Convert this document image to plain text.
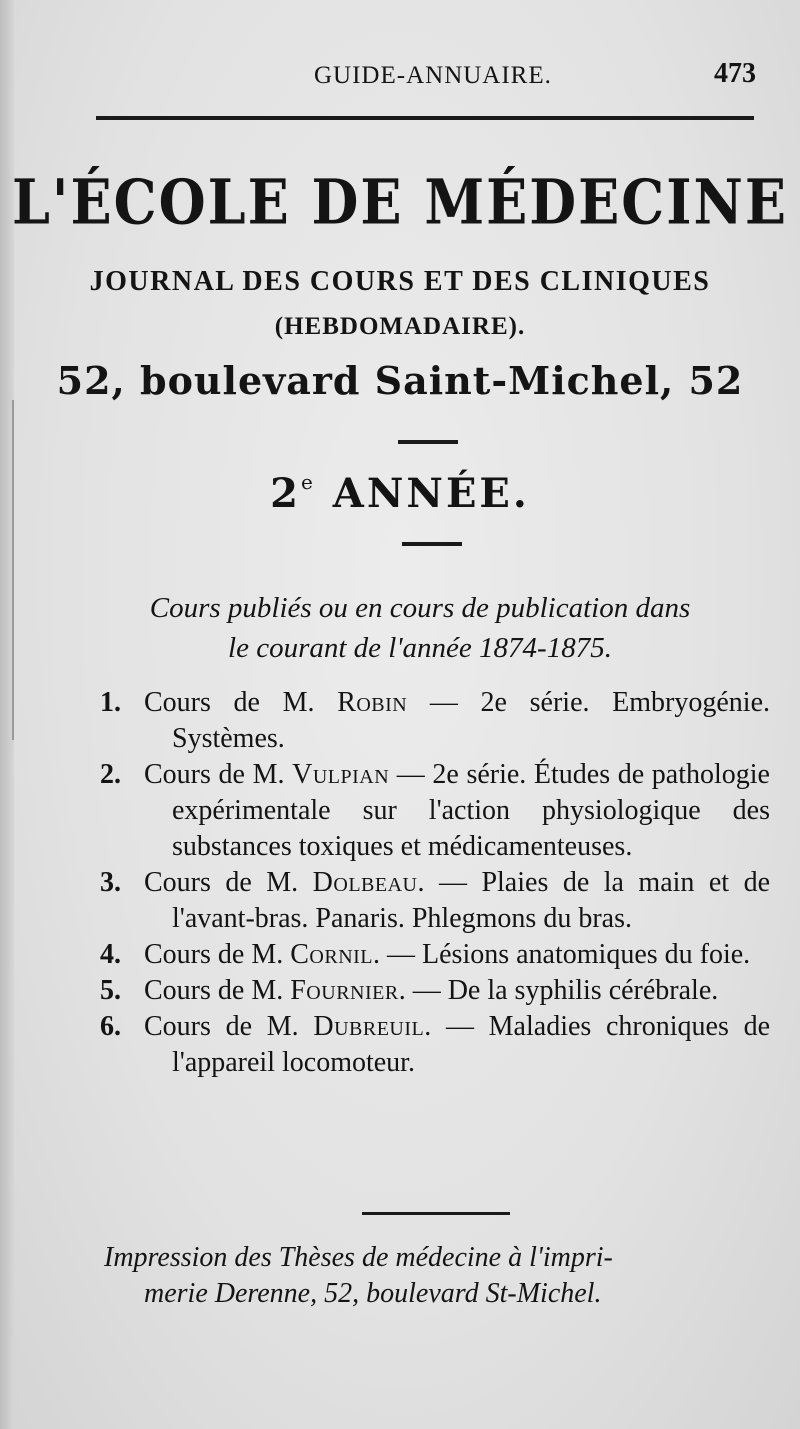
GUIDE-ANNUAIRE.	473
L'ÉCOLE DE MÉDECINE
JOURNAL DES COURS ET DES CLINIQUES
(HEBDOMADAIRE).
52, boulevard Saint-Michel, 52
2e ANNÉE.
Cours publiés ou en cours de publication dans
le courant de l'année 1874-1875.
1. Cours de M. Robin — 2e série. Embryogénie. Systèmes.
2. Cours de M. Vulpian — 2e série. Études de pathologie expérimentale sur l'action physiologique des substances toxiques et médicamenteuses.
3. Cours de M. Dolbeau. — Plaies de la main et de l'avant-bras. Panaris. Phlegmons du bras.
4. Cours de M. Cornil. — Lésions anatomiques du foie.
5. Cours de M. Fournier. — De la syphilis cérébrale.
6. Cours de M. Dubreuil. — Maladies chroniques de l'appareil locomoteur.
Impression des Thèses de médecine à l'impri-
merie Derenne, 52, boulevard St-Michel.
